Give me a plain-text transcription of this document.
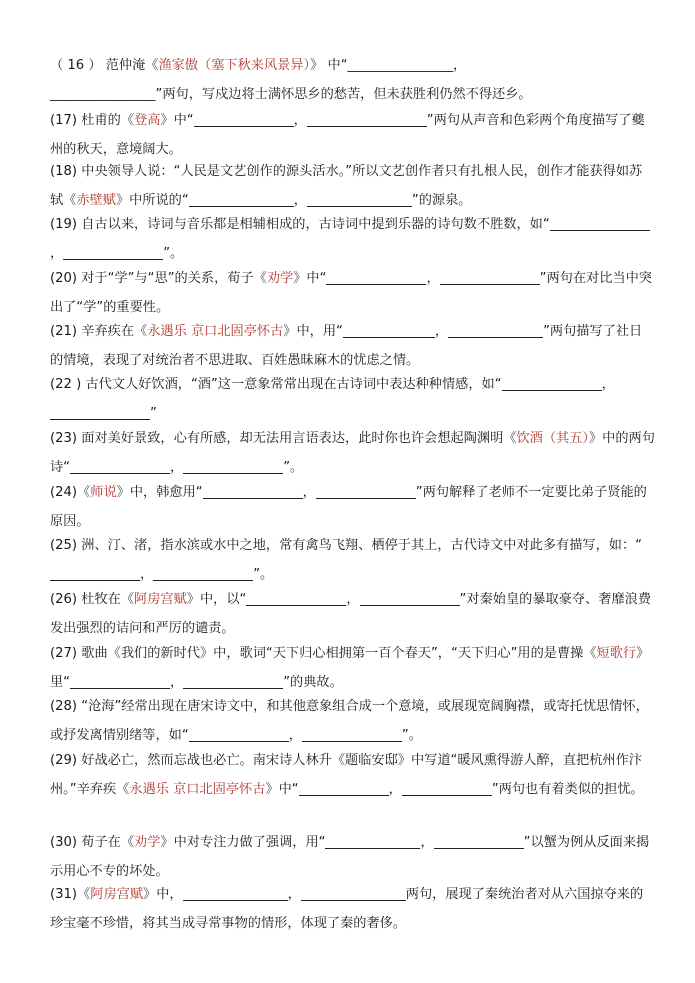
（ 16 ） 范仲淹《渔家傲（塞下秋来风景异）》 中“________________，
________________”两句，写戍边将士满怀思乡的愁苦，但未获胜利仍然不得还乡。
(17) 杜甫的《登高》中“	，	”两句从声音和色彩两个角度描写了夔州的秋天，意境阔大。
(18) 中央领导人说：“人民是文艺创作的源头活水。”所以文艺创作者只有扎根人民，创作才能获得如苏轼《赤壁赋》中所说的“	，	”的源泉。
(19) 自古以来，诗词与音乐都是相辅相成的，古诗词中提到乐器的诗句数不胜数，如“，	”。
(20) 对于“学”与“思”的关系，荀子《劝学》中“	，	”两句在对比当中突出了“学”的重要性。
(21) 辛弃疾在《永遇乐 京口北固亭怀古》中，用“	，	”两句描写了社日的情境，表现了对统治者不思进取、百姓愚昧麻木的忧虑之情。
(22 ) 古代文人好饮酒，“酒”这一意象常常出现在古诗词中表达种种情感，如“	，”
(23) 面对美好景致，心有所感，却无法用言语表达，此时你也许会想起陶渊明《饮酒（其五）》中的两句诗“	，	”。
(24)《师说》中，韩愈用“	，	”两句解释了老师不一定要比弟子贤能的原因。
(25) 洲、汀、渚，指水滨或水中之地，常有禽鸟飞翔、栖停于其上，古代诗文中对此多有描写，如：“，	”。
(26) 杜牧在《阿房宫赋》中，以“	，	”对秦始皇的暴取豪夺、奢靡浪费发出强烈的诘问和严厉的谴责。
(27) 歌曲《我们的新时代》中，歌词“天下归心相拥第一百个春天”，“天下归心”用的是曹操《短歌行》里“	，	”的典故。
(28) “沧海”经常出现在唐宋诗文中，和其他意象组合成一个意境，或展现宽阔胸襟，或寄托忧思情怀，或抒发离情别绪等，如“	，	”。
(29) 好战必亡，然而忘战也必亡。南宋诗人林升《题临安邸》中写道“暖风熏得游人醉，直把杭州作汴州。”辛弃疾《永遇乐 京口北固亭怀古》中“	，	”两句也有着类似的担忧。
(30) 荀子在《劝学》中对专注力做了强调，用“	，	”以蟹为例从反面来揭示用心不专的坏处。
(31)《阿房宫赋》中，	，	两句，展现了秦统治者对从六国掠夺来的珍宝毫不珍惜，将其当成寻常事物的情形，体现了秦的奢侈。
